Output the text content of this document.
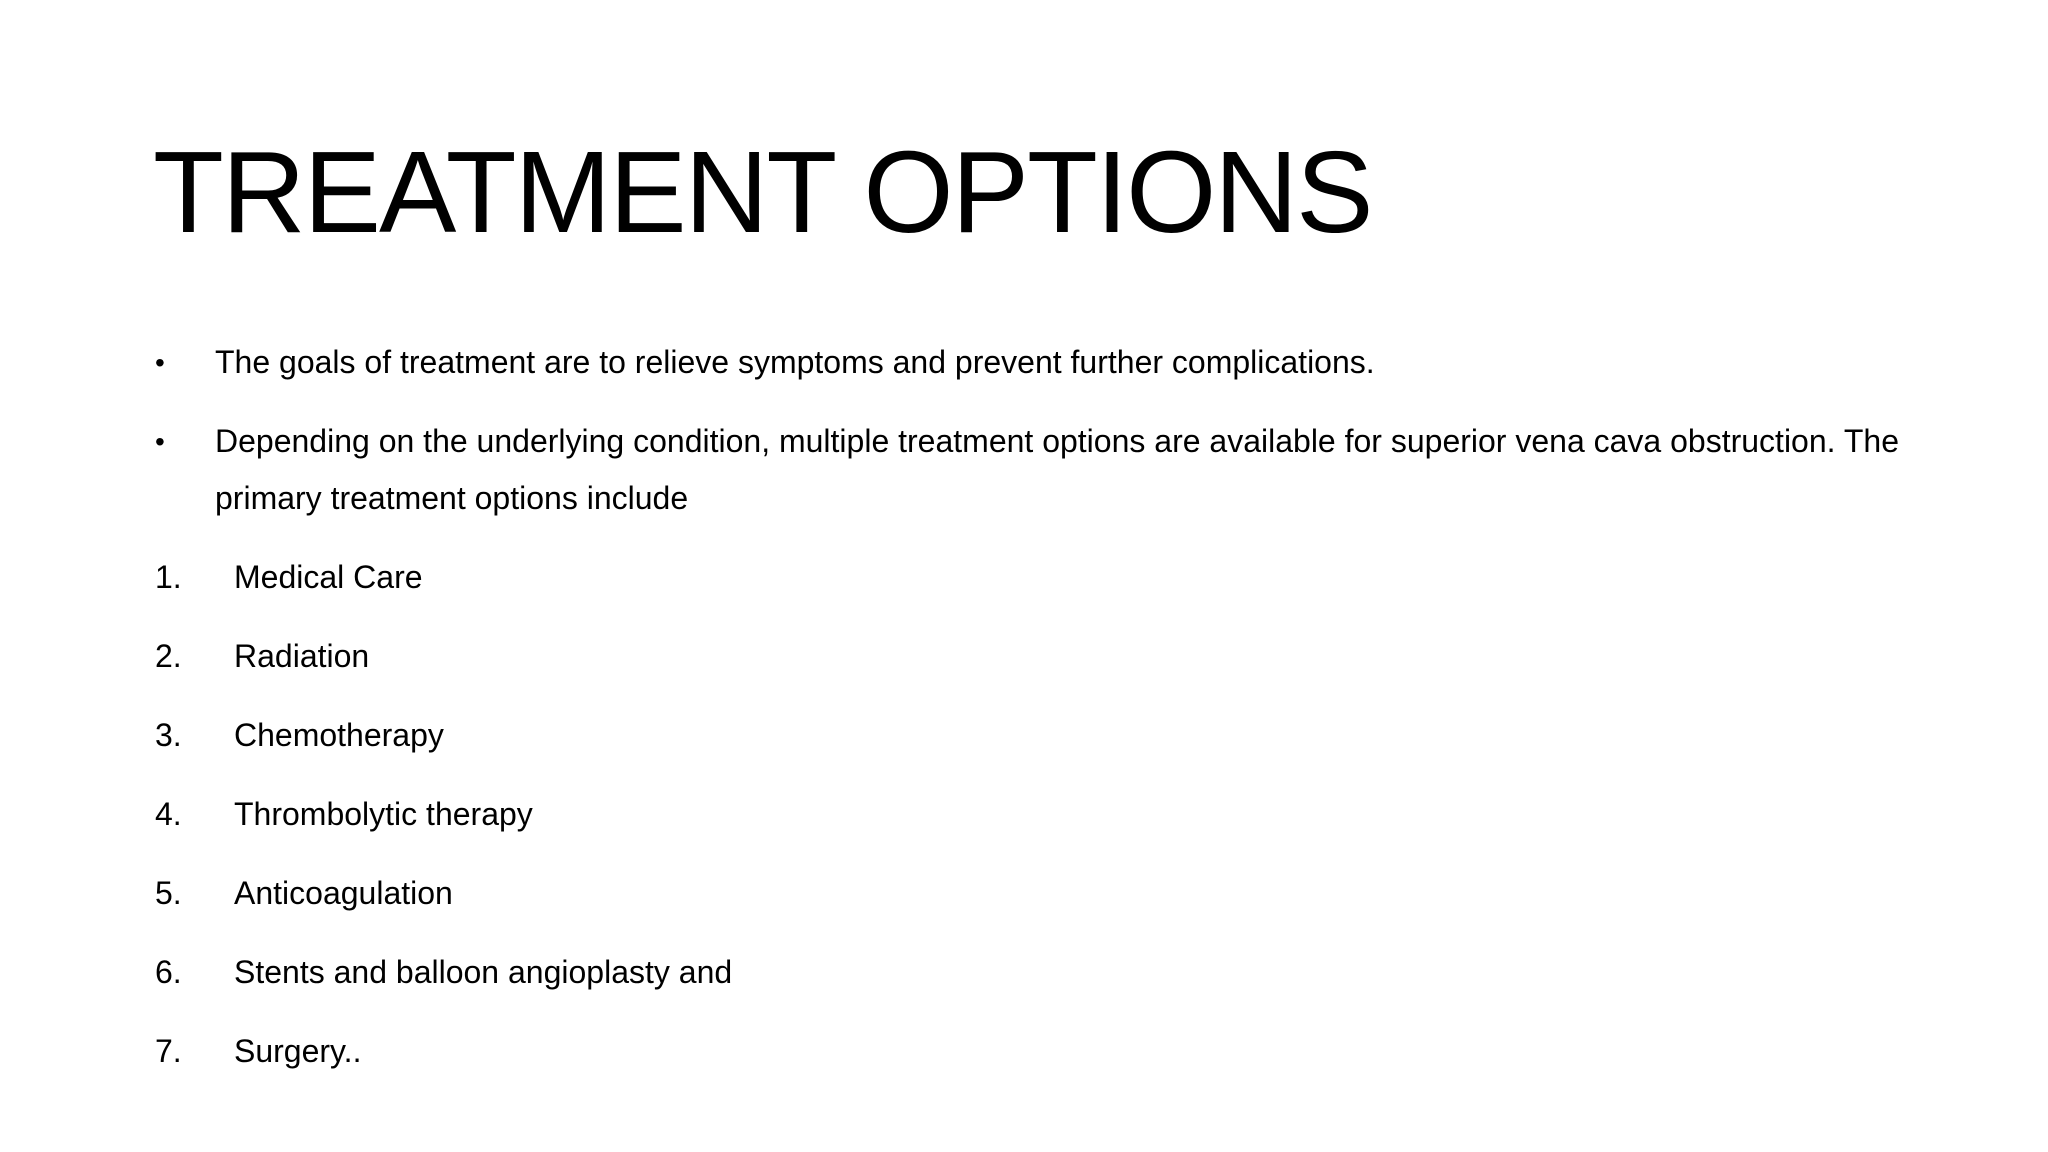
TREATMENT OPTIONS
•	The goals of treatment are to relieve symptoms and prevent further complications.
•	Depending on the underlying condition, multiple treatment options are available for superior vena cava obstruction. The primary treatment options include
1. Medical Care
2. Radiation
3. Chemotherapy
4. Thrombolytic therapy
5. Anticoagulation
6. Stents and balloon angioplasty and
7. Surgery..
